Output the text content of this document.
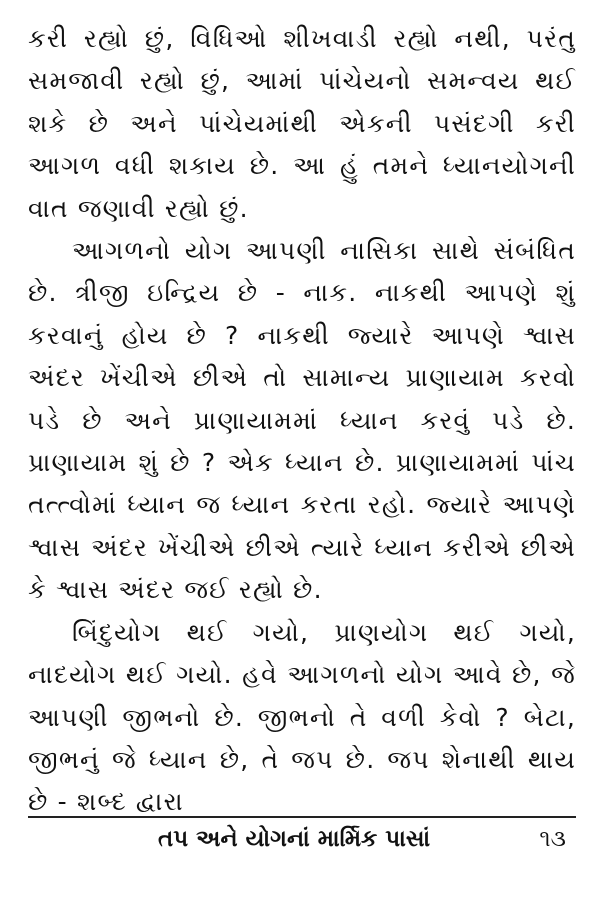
કરી રહ્યો છું, વિધિઓ શીખવાડી રહ્યો નથી, પરંતુ સમજાવી રહ્યો છું, આમાં પાંચેયનો સમન્વય થઈ શકે છે અને પાંચેયમાંથી એકની પસંદગી કરી આગળ વધી શકાય છે. આ હું તમને ધ્યાનયોગની વાત જણાવી રહ્યો છું.

આગળનો યોગ આપણી નાસિકા સાથે સંબંધિત છે. ત્રીજી ઇન્દ્રિય છે - નાક. નાકથી આપણે શું કરવાનું હોય છે ? નાકથી જ્યારે આપણે શ્વાસ અંદર ખેંચીએ છીએ તો સામાન્ય પ્રાણાયામ કરવો પડે છે અને પ્રાણાયામમાં ધ્યાન કરવું પડે છે. પ્રાણાયામ શું છે ? એક ધ્યાન છે. પ્રાણાયામમાં પાંચ તત્ત્વોમાં ધ્યાન જ ધ્યાન કરતા રહો. જ્યારે આપણે શ્વાસ અંદર ખેંચીએ છીએ ત્યારે ધ્યાન કરીએ છીએ કે શ્વાસ અંદર જઈ રહ્યો છે.

બિંદુયોગ થઈ ગયો, પ્રાણયોગ થઈ ગયો, નાદયોગ થઈ ગયો. હવે આગળનો યોગ આવે છે, જે આપણી જીભનો છે. જીભનો તે વળી કેવો ? બેટા, જીભનું જે ધ્યાન છે, તે જપ છે. જપ શેનાથી થાય છે - શબ્દ દ્વારા

તપ અને યોગનાં માર્મિક પાસાં	૧૩
